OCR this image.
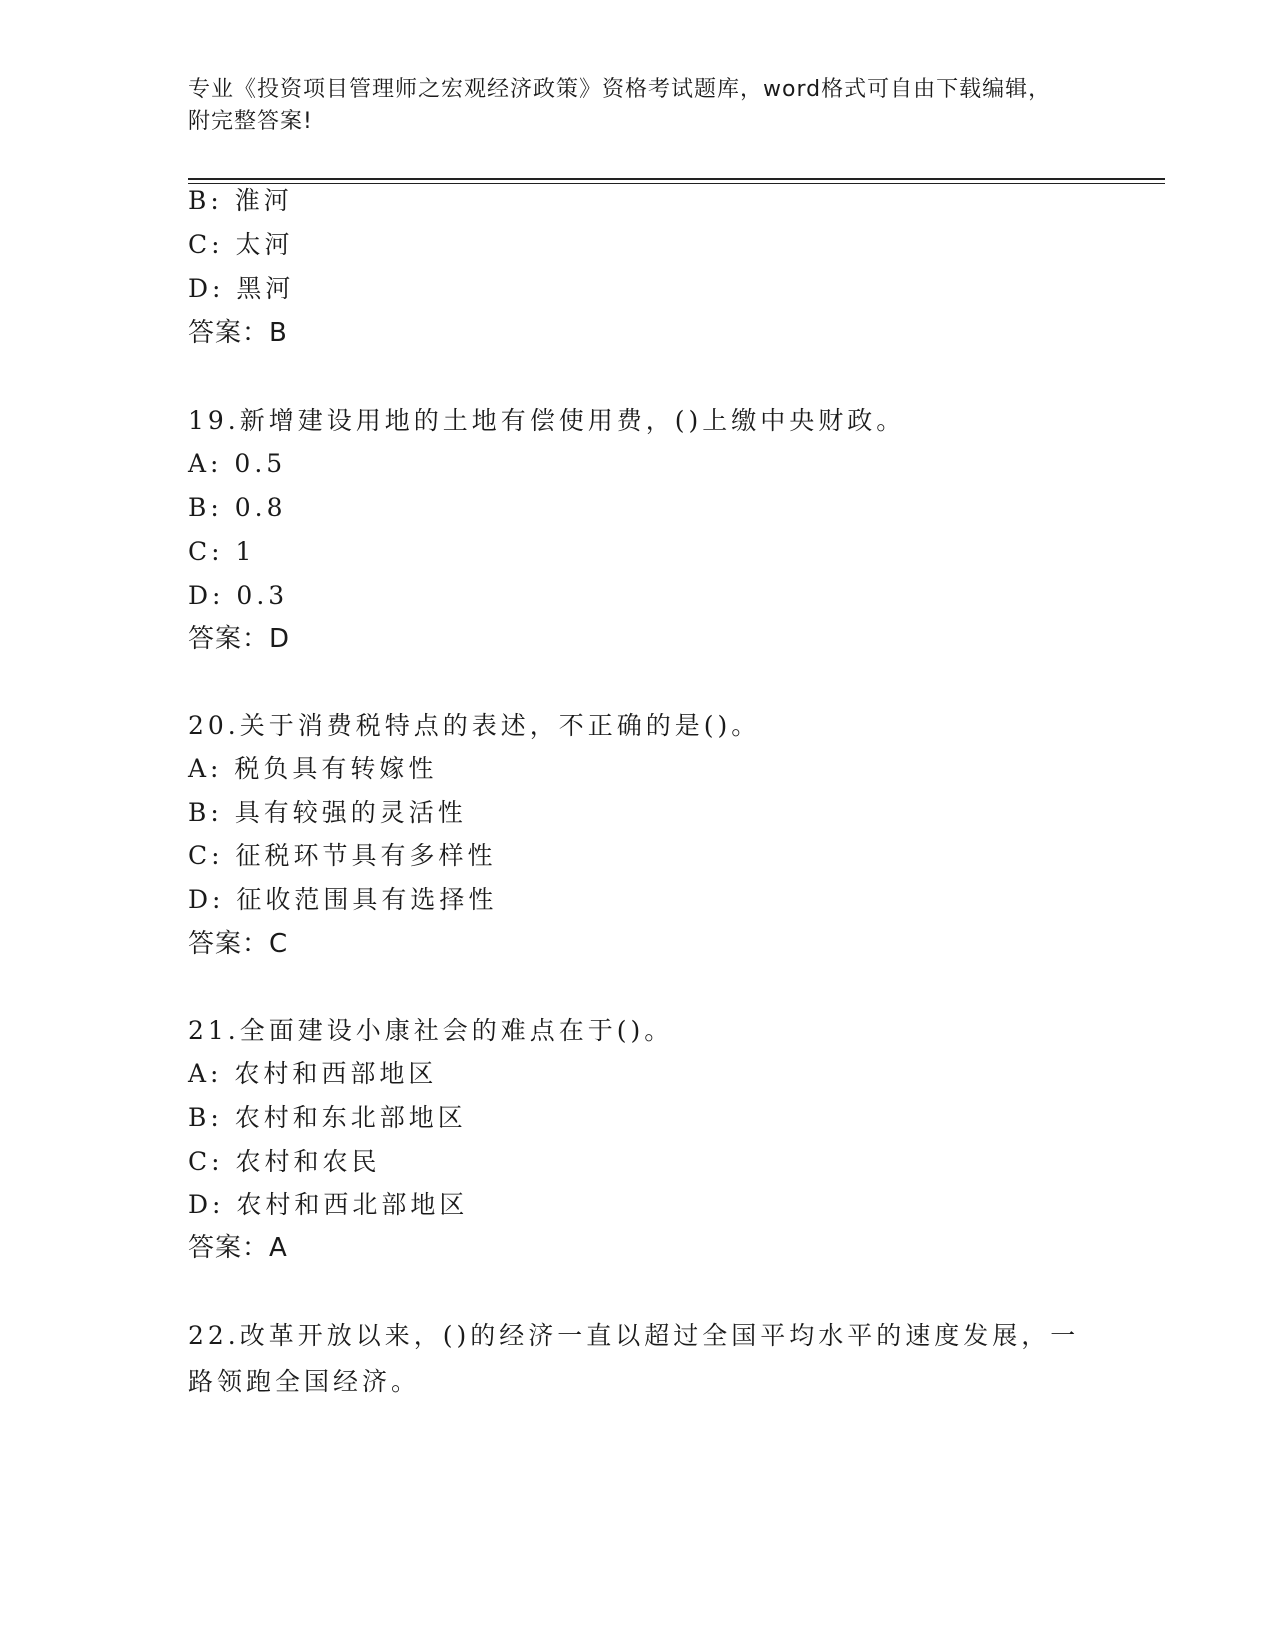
专业《投资项目管理师之宏观经济政策》资格考试题库，word格式可自由下载编辑，附完整答案!
B: 淮河
C: 太河
D: 黑河
答案：B
19.新增建设用地的土地有偿使用费，()上缴中央财政。
A: 0.5
B: 0.8
C: 1
D: 0.3
答案：D
20.关于消费税特点的表述，不正确的是()。
A: 税负具有转嫁性
B: 具有较强的灵活性
C: 征税环节具有多样性
D: 征收范围具有选择性
答案：C
21.全面建设小康社会的难点在于()。
A: 农村和西部地区
B: 农村和东北部地区
C: 农村和农民
D: 农村和西北部地区
答案：A
22.改革开放以来，()的经济一直以超过全国平均水平的速度发展，一路领跑全国经济。
